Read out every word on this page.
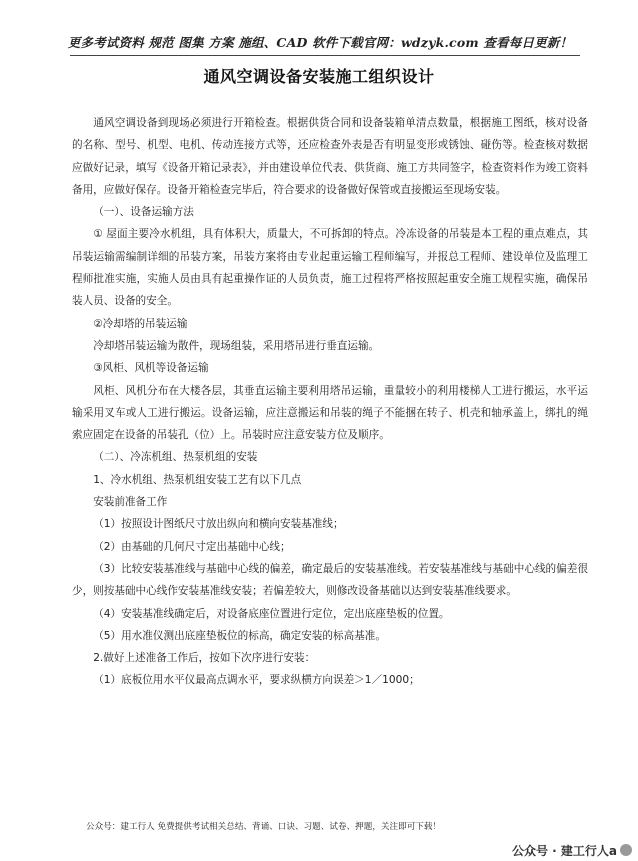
更多考试资料 规范 图集 方案 施组、CAD 软件下载官网：wdzyk.com 查看每日更新！
通风空调设备安装施工组织设计

通风空调设备到现场必须进行开箱检查。根据供货合同和设备装箱单清点数量，根据施工图纸，核对设备的名称、型号、机型、电机、传动连接方式等，还应检查外表是否有明显变形或锈蚀、碰伤等。检查核对数据应做好记录，填写《设备开箱记录表》，并由建设单位代表、供货商、施工方共同签字，检查资料作为竣工资料备用，应做好保存。设备开箱检查完毕后，符合要求的设备做好保管或直接搬运至现场安装。

（一）、设备运输方法

① 屋面主要冷水机组，具有体积大，质量大，不可拆卸的特点。冷冻设备的吊装是本工程的重点难点，其吊装运输需编制详细的吊装方案，吊装方案将由专业起重运输工程师编写，并报总工程师、建设单位及监理工程师批准实施，实施人员由具有起重操作证的人员负责，施工过程将严格按照起重安全施工规程实施，确保吊装人员、设备的安全。

②冷却塔的吊装运输

冷却塔吊装运输为散件，现场组装，采用塔吊进行垂直运输。

③风柜、风机等设备运输

风柜、风机分布在大楼各层，其垂直运输主要利用塔吊运输，重量较小的利用楼梯人工进行搬运，水平运输采用叉车或人工进行搬运。设备运输，应注意搬运和吊装的绳子不能捆在转子、机壳和轴承盖上，绑扎的绳索应固定在设备的吊装孔（位）上。吊装时应注意安装方位及顺序。

（二）、冷冻机组、热泵机组的安装

1、冷水机组、热泵机组安装工艺有以下几点

安装前准备工作

（1）按照设计图纸尺寸放出纵向和横向安装基准线；

（2）由基础的几何尺寸定出基础中心线；

（3）比较安装基准线与基础中心线的偏差，确定最后的安装基准线。若安装基准线与基础中心线的偏差很少，则按基础中心线作安装基准线安装；若偏差较大，则修改设备基础以达到安装基准线要求。

（4）安装基准线确定后，对设备底座位置进行定位，定出底座垫板的位置。

（5）用水准仪测出底座垫板位的标高，确定安装的标高基准。

2.做好上述准备工作后，按如下次序进行安装：

（1）底板位用水平仪最高点调水平，要求纵横方向误差＞1／1000；

公众号：建工行人 免费提供考试相关总结、背诵、口诀、习题、试卷、押题，关注即可下载！
公众号 · 建工行人a
